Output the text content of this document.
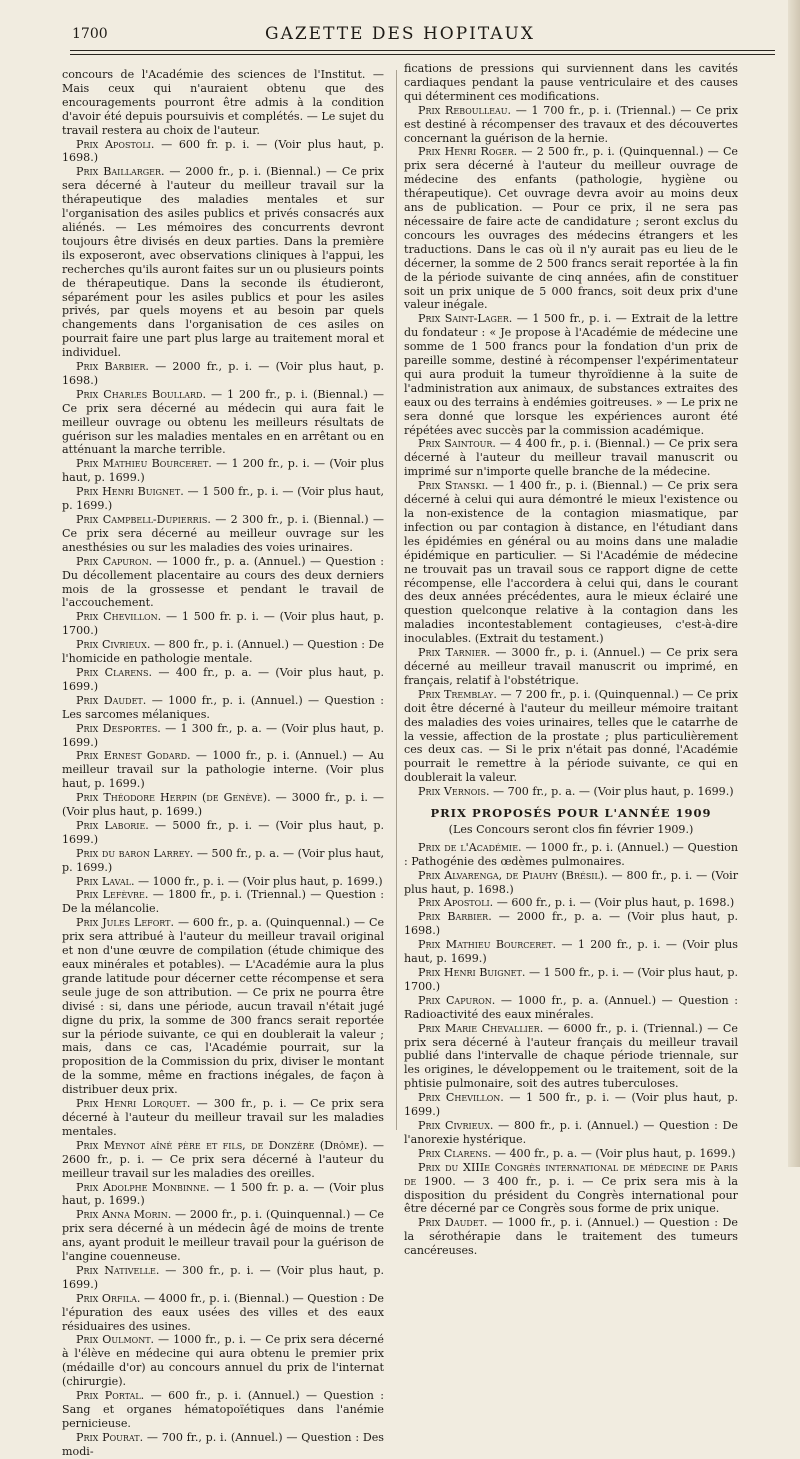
1700	GAZETTE DES HOPITAUX

concours de l'Académie des sciences de l'Institut. — Mais ceux qui n'auraient obtenu que des encouragements pourront être admis à la condition d'avoir été depuis poursuivis et complétés. — Le sujet du travail restera au choix de l'auteur.

Prix Apostoli. — 600 fr. p. i. — (Voir plus haut, p. 1698.)

Prix Baillarger. — 2000 fr., p. i. (Biennal.) — Ce prix sera décerné à l'auteur du meilleur travail sur la thérapeutique des maladies mentales et sur l'organisation des asiles publics et privés consacrés aux aliénés. — Les mémoires des concurrents devront toujours être divisés en deux parties. Dans la première ils exposeront, avec observations cliniques à l'appui, les recherches qu'ils auront faites sur un ou plusieurs points de thérapeutique. Dans la seconde ils étudieront, séparément pour les asiles publics et pour les asiles privés, par quels moyens et au besoin par quels changements dans l'organisation de ces asiles on pourrait faire une part plus large au traitement moral et individuel.

Prix Barbier. — 2000 fr., p. i. — (Voir plus haut, p. 1698.)

Prix Charles Boullard. — 1 200 fr., p. i. (Biennal.) — Ce prix sera décerné au médecin qui aura fait le meilleur ouvrage ou obtenu les meilleurs résultats de guérison sur les maladies mentales en en arrêtant ou en atténuant la marche terrible.

Prix Mathieu Bourceret. — 1 200 fr., p. i. — (Voir plus haut, p. 1699.)

Prix Henri Buignet. — 1 500 fr., p. i. — (Voir plus haut, p. 1699.)

Prix Campbell-Dupierris. — 2 300 fr., p. i. (Biennal.) — Ce prix sera décerné au meilleur ouvrage sur les anesthésies ou sur les maladies des voies urinaires.

Prix Capuron. — 1000 fr., p. a. (Annuel.) — Question : Du décollement placentaire au cours des deux derniers mois de la grossesse et pendant le travail de l'accouchement.

Prix Chevillon. — 1 500 fr. p. i. — (Voir plus haut, p. 1700.)

Prix Civrieux. — 800 fr., p. i. (Annuel.) — Question : De l'homicide en pathologie mentale.

Prix Clarens. — 400 fr., p. a. — (Voir plus haut, p. 1699.)

Prix Daudet. — 1000 fr., p. i. (Annuel.) — Question : Les sarcomes mélaniques.

Prix Desportes. — 1 300 fr., p. a. — (Voir plus haut, p. 1699.)

Prix Ernest Godard. — 1000 fr., p. i. (Annuel.) — Au meilleur travail sur la pathologie interne. (Voir plus haut, p. 1699.)

Prix Théodore Herpin (de Genève). — 3000 fr., p. i. — (Voir plus haut, p. 1699.)

Prix Laborie. — 5000 fr., p. i. — (Voir plus haut, p. 1699.)

Prix du baron Larrey. — 500 fr., p. a. — (Voir plus haut, p. 1699.)

Prix Laval. — 1000 fr., p. i. — (Voir plus haut, p. 1699.)

Prix Lefèvre. — 1800 fr., p. i. (Triennal.) — Question : De la mélancolie.

Prix Jules Lefort. — 600 fr., p. a. (Quinquennal.) — Ce prix sera attribué à l'auteur du meilleur travail original et non d'une œuvre de compilation (étude chimique des eaux minérales et potables). — L'Académie aura la plus grande latitude pour décerner cette récompense et sera seule juge de son attribution. — Ce prix ne pourra être divisé : si, dans une période, aucun travail n'était jugé digne du prix, la somme de 300 francs serait reportée sur la période suivante, ce qui en doublerait la valeur ; mais, dans ce cas, l'Académie pourrait, sur la proposition de la Commission du prix, diviser le montant de la somme, même en fractions inégales, de façon à distribuer deux prix.

Prix Henri Lorquet. — 300 fr., p. i. — Ce prix sera décerné à l'auteur du meilleur travail sur les maladies mentales.

Prix Meynot aîné père et fils, de Donzère (Drôme). — 2600 fr., p. i. — Ce prix sera décerné à l'auteur du meilleur travail sur les maladies des oreilles.

Prix Adolphe Monbinne. — 1 500 fr. p. a. — (Voir plus haut, p. 1699.)

Prix Anna Morin. — 2000 fr., p. i. (Quinquennal.) — Ce prix sera décerné à un médecin âgé de moins de trente ans, ayant produit le meilleur travail pour la guérison de l'angine couenneuse.

Prix Nativelle. — 300 fr., p. i. — (Voir plus haut, p. 1699.)

Prix Orfila. — 4000 fr., p. i. (Biennal.) — Question : De l'épuration des eaux usées des villes et des eaux résiduaires des usines.

Prix Oulmont. — 1000 fr., p. i. — Ce prix sera décerné à l'élève en médecine qui aura obtenu le premier prix (médaille d'or) au concours annuel du prix de l'internat (chirurgie).

Prix Portal. — 600 fr., p. i. (Annuel.) — Question : Sang et organes hématopoïétiques dans l'anémie pernicieuse.

Prix Pourat. — 700 fr., p. i. (Annuel.) — Question : Des modi-

fications de pressions qui surviennent dans les cavités cardiaques pendant la pause ventriculaire et des causes qui déterminent ces modifications.

Prix Reboulleau. — 1 700 fr., p. i. (Triennal.) — Ce prix est destiné à récompenser des travaux et des découvertes concernant la guérison de la hernie.

Prix Henri Roger. — 2 500 fr., p. i. (Quinquennal.) — Ce prix sera décerné à l'auteur du meilleur ouvrage de médecine des enfants (pathologie, hygiène ou thérapeutique). Cet ouvrage devra avoir au moins deux ans de publication. — Pour ce prix, il ne sera pas nécessaire de faire acte de candidature ; seront exclus du concours les ouvrages des médecins étrangers et les traductions. Dans le cas où il n'y aurait pas eu lieu de le décerner, la somme de 2 500 francs serait reportée à la fin de la période suivante de cinq années, afin de constituer soit un prix unique de 5 000 francs, soit deux prix d'une valeur inégale.

Prix Saint-Lager. — 1 500 fr., p. i. — Extrait de la lettre du fondateur : « Je propose à l'Académie de médecine une somme de 1 500 francs pour la fondation d'un prix de pareille somme, destiné à récompenser l'expérimentateur qui aura produit la tumeur thyroïdienne à la suite de l'administration aux animaux, de substances extraites des eaux ou des terrains à endémies goitreuses. » — Le prix ne sera donné que lorsque les expériences auront été répétées avec succès par la commission académique.

Prix Saintour. — 4 400 fr., p. i. (Biennal.) — Ce prix sera décerné à l'auteur du meilleur travail manuscrit ou imprimé sur n'importe quelle branche de la médecine.

Prix Stanski. — 1 400 fr., p. i. (Biennal.) — Ce prix sera décerné à celui qui aura démontré le mieux l'existence ou la non-existence de la contagion miasmatique, par infection ou par contagion à distance, en l'étudiant dans les épidémies en général ou au moins dans une maladie épidémique en particulier. — Si l'Académie de médecine ne trouvait pas un travail sous ce rapport digne de cette récompense, elle l'accordera à celui qui, dans le courant des deux années précédentes, aura le mieux éclairé une question quelconque relative à la contagion dans les maladies incontestablement contagieuses, c'est-à-dire inoculables. (Extrait du testament.)

Prix Tarnier. — 3000 fr., p. i. (Annuel.) — Ce prix sera décerné au meilleur travail manuscrit ou imprimé, en français, relatif à l'obstétrique.

Prix Tremblay. — 7 200 fr., p. i. (Quinquennal.) — Ce prix doit être décerné à l'auteur du meilleur mémoire traitant des maladies des voies urinaires, telles que le catarrhe de la vessie, affection de la prostate ; plus particulièrement ces deux cas. — Si le prix n'était pas donné, l'Académie pourrait le remettre à la période suivante, ce qui en doublerait la valeur.

Prix Vernois. — 700 fr., p. a. — (Voir plus haut, p. 1699.)

PRIX PROPOSÉS POUR L'ANNÉE 1909
(Les Concours seront clos fin février 1909.)

Prix de l'Académie. — 1000 fr., p. i. (Annuel.) — Question : Pathogénie des œdèmes pulmonaires.

Prix Alvarenga, de Piauhy (Brésil). — 800 fr., p. i. — (Voir plus haut, p. 1698.)

Prix Apostoli. — 600 fr., p. i. — (Voir plus haut, p. 1698.)

Prix Barbier. — 2000 fr., p. a. — (Voir plus haut, p. 1698.)

Prix Mathieu Bourceret. — 1 200 fr., p. i. — (Voir plus haut, p. 1699.)

Prix Henri Buignet. — 1 500 fr., p. i. — (Voir plus haut, p. 1700.)

Prix Capuron. — 1000 fr., p. a. (Annuel.) — Question : Radioactivité des eaux minérales.

Prix Marie Chevallier. — 6000 fr., p. i. (Triennal.) — Ce prix sera décerné à l'auteur français du meilleur travail publié dans l'intervalle de chaque période triennale, sur les origines, le développement ou le traitement, soit de la phtisie pulmonaire, soit des autres tuberculoses.

Prix Chevillon. — 1 500 fr., p. i. — (Voir plus haut, p. 1699.)

Prix Civrieux. — 800 fr., p. i. (Annuel.) — Question : De l'anorexie hystérique.

Prix Clarens. — 400 fr., p. a. — (Voir plus haut, p. 1699.)

Prix du XIIIe Congrès international de médecine de Paris de 1900. — 3 400 fr., p. i. — Ce prix sera mis à la disposition du président du Congrès international pour être décerné par ce Congrès sous forme de prix unique.

Prix Daudet. — 1000 fr., p. i. (Annuel.) — Question : De la sérothérapie dans le traitement des tumeurs cancéreuses.
